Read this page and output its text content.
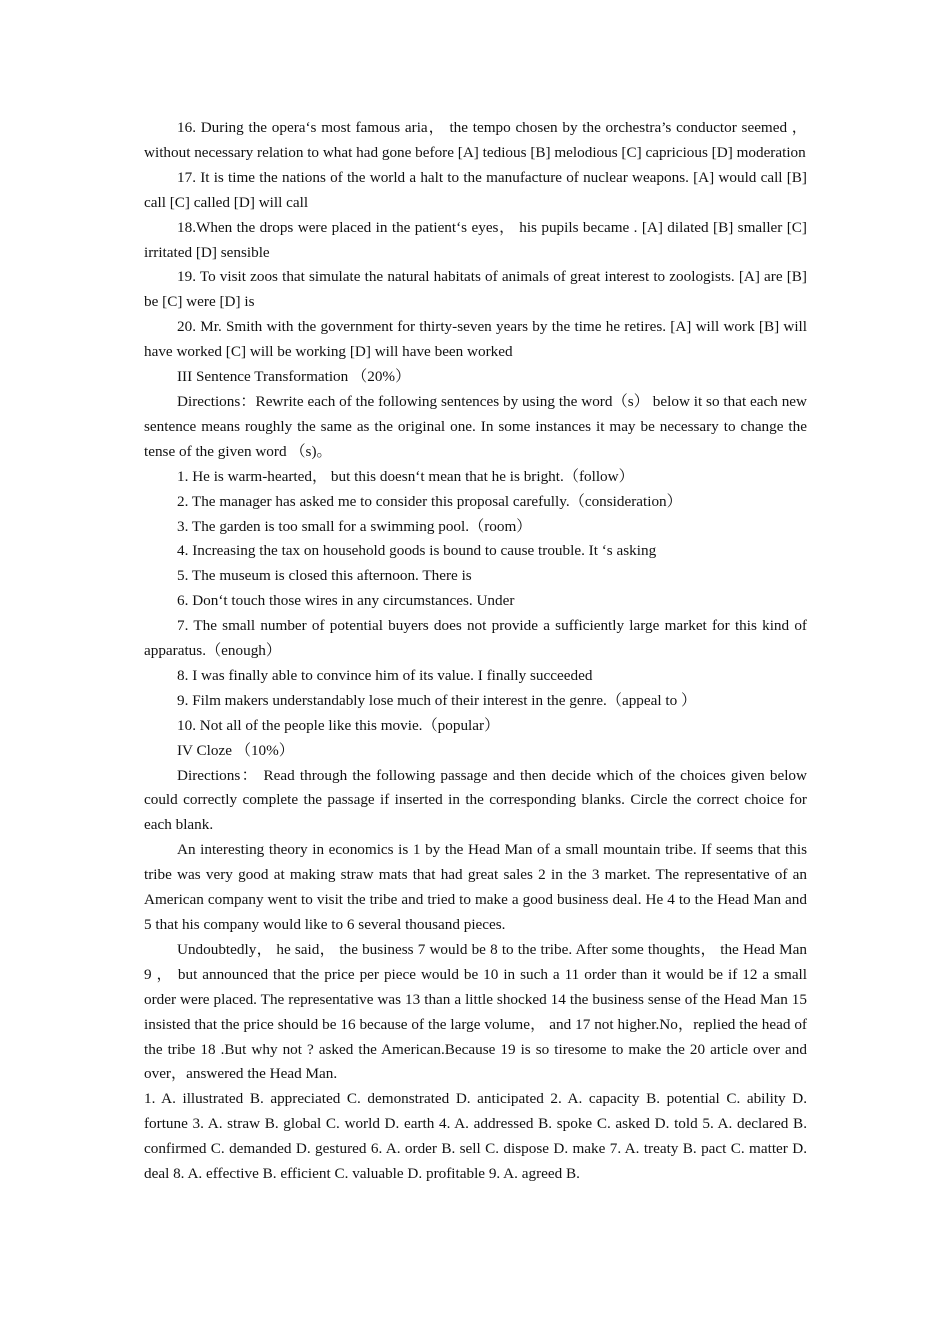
16. During the opera‘s most famous aria， the tempo chosen by the orchestra’s conductor seemed ， without necessary relation to what had gone before [A] tedious [B] melodious [C] capricious [D] moderation

17. It is time the nations of the world a halt to the manufacture of nuclear weapons. [A] would call [B] call [C] called [D] will call

18.When the drops were placed in the patient‘s eyes， his pupils became . [A] dilated [B] smaller [C] irritated [D] sensible

19. To visit zoos that simulate the natural habitats of animals of great interest to zoologists. [A] are [B] be [C] were [D] is

20. Mr. Smith with the government for thirty-seven years by the time he retires. [A] will work [B] will have worked [C] will be working [D] will have been worked

III Sentence Transformation （20%）

Directions：Rewrite each of the following sentences by using the word（s） below it so that each new sentence means roughly the same as the original one. In some instances it may be necessary to change the tense of the given word （s)。

1. He is warm-hearted， but this doesn‘t mean that he is bright.（follow）

2. The manager has asked me to consider this proposal carefully.（consideration）

3. The garden is too small for a swimming pool.（room）

4. Increasing the tax on household goods is bound to cause trouble. It ‘s asking

5. The museum is closed this afternoon. There is

6. Don‘t touch those wires in any circumstances. Under

7. The small number of potential buyers does not provide a sufficiently large market for this kind of apparatus.（enough）

8. I was finally able to convince him of its value. I finally succeeded

9. Film makers understandably lose much of their interest in the genre.（appeal to ）

10. Not all of the people like this movie.（popular）

IV Cloze （10%）

Directions： Read through the following passage and then decide which of the choices given below could correctly complete the passage if inserted in the corresponding blanks. Circle the correct choice for each blank.

An interesting theory in economics is 1 by the Head Man of a small mountain tribe. If seems that this tribe was very good at making straw mats that had great sales 2 in the 3 market. The representative of an American company went to visit the tribe and tried to make a good business deal. He 4 to the Head Man and 5 that his company would like to 6 several thousand pieces.

Undoubtedly， he said， the business 7 would be 8 to the tribe. After some thoughts， the Head Man 9 ， but announced that the price per piece would be 10 in such a 11 order than it would be if 12 a small order were placed. The representative was 13 than a little shocked 14 the business sense of the Head Man 15 insisted that the price should be 16 because of the large volume， and 17 not higher.No，replied the head of the tribe 18 .But why not ? asked the American.Because 19 is so tiresome to make the 20 article over and over，answered the Head Man.

1. A. illustrated B. appreciated C. demonstrated D. anticipated 2. A. capacity B. potential C. ability D. fortune 3. A. straw B. global C. world D. earth 4. A. addressed B. spoke C. asked D. told 5. A. declared B. confirmed C. demanded D. gestured 6. A. order B. sell C. dispose D. make 7. A. treaty B. pact C. matter D. deal 8. A. effective B. efficient C. valuable D. profitable 9. A. agreed B.
